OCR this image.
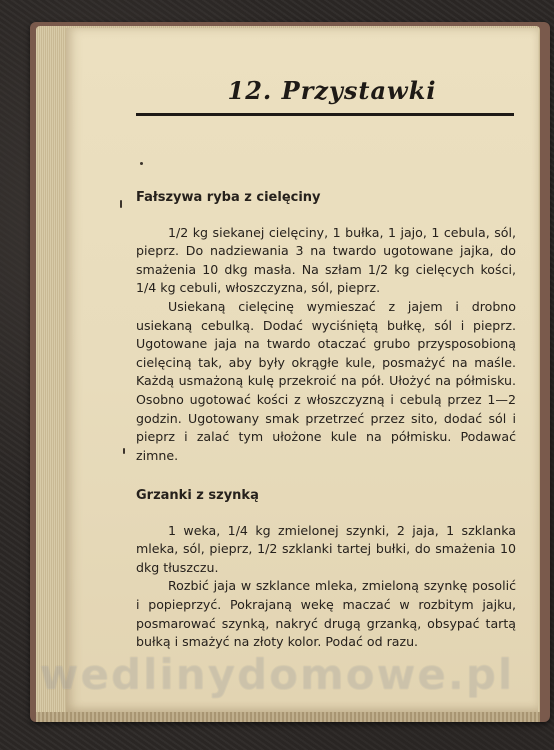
12. Przystawki
Fałszywa ryba z cielęciny

1/2 kg siekanej cielęciny, 1 bułka, 1 jajo, 1 cebula, sól, pieprz. Do nadziewania 3 na twardo ugotowane jajka, do smażenia 10 dkg masła. Na szłam 1/2 kg cielęcych kości, 1/4 kg cebuli, włoszczyzna, sól, pieprz.

Usiekaną cielęcinę wymieszać z jajem i drobno usiekaną cebulką. Dodać wyciśniętą bułkę, sól i pieprz. Ugotowane jaja na twardo otaczać grubo przysposobioną cielęciną tak, aby były okrągłe kule, posmażyć na maśle. Każdą usmażoną kulę przekroić na pół. Ułożyć na półmisku. Osobno ugotować kości z włoszczyzną i cebulą przez 1—2 godzin. Ugotowany smak przetrzeć przez sito, dodać sól i pieprz i zalać tym ułożone kule na półmisku. Podawać zimne.

Grzanki z szynką

1 weka, 1/4 kg zmielonej szynki, 2 jaja, 1 szklanka mleka, sól, pieprz, 1/2 szklanki tartej bułki, do smażenia 10 dkg tłuszczu.

Rozbić jaja w szklance mleka, zmieloną szynkę posolić i popieprzyć. Pokrajaną wekę maczać w rozbitym jajku, posmarować szynką, nakryć drugą grzanką, obsypać tartą bułką i smażyć na złoty kolor. Podać od razu.

wedlinydomowe.pl
